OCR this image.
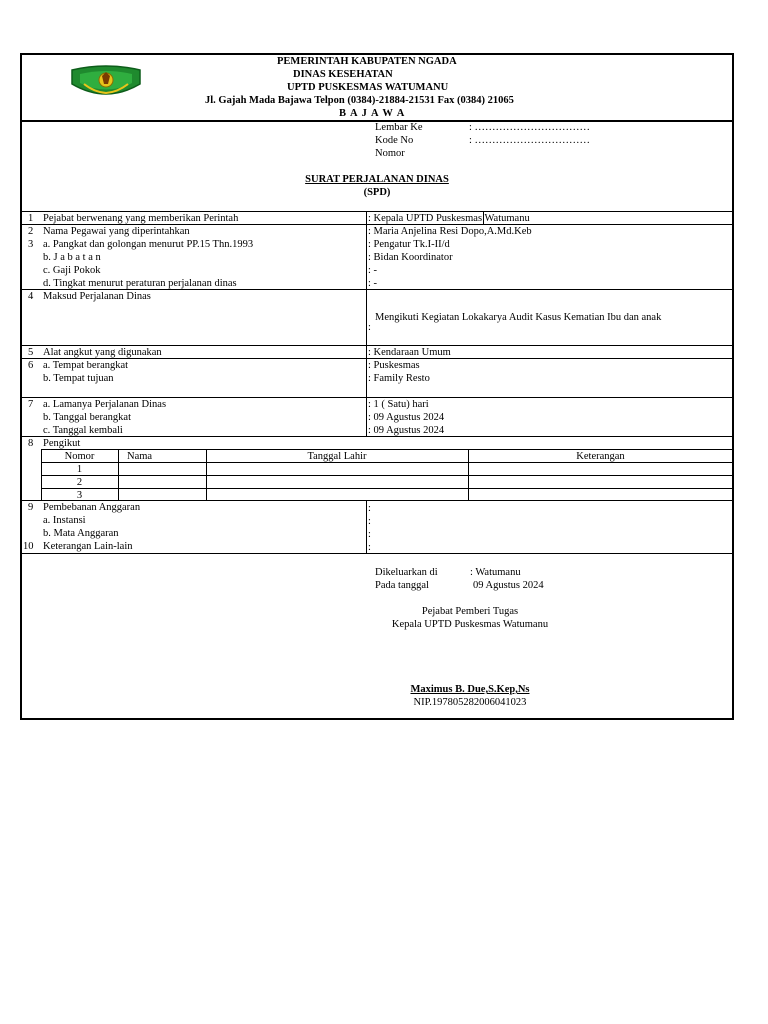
PEMERINTAH KABUPATEN NGADA
DINAS KESEHATAN
UPTD PUSKESMAS WATUMANU
Jl. Gajah Mada Bajawa Telpon (0384)-21884-21531 Fax (0384) 21065
B A J A W A
Lembar Ke	: ……………………………
Kode No	: ……………………………
Nomor
SURAT PERJALANAN DINAS
(SPD)
1 Pejabat berwenang yang memberikan Perintah	: Kepala UPTD Puskesmas Watumanu
2 Nama Pegawai yang diperintahkan	: Maria Anjelina Resi Dopo,A.Md.Keb
3 a. Pangkat dan golongan menurut PP.15 Thn.1993	: Pengatur Tk.I-II/d
b. J a b a t a n	: Bidan Koordinator
c. Gaji Pokok	: -
d. Tingkat menurut peraturan perjalanan dinas	: -
4 Maksud Perjalanan Dinas
Mengikuti Kegiatan Lokakarya Audit Kasus Kematian Ibu dan anak
:
5 Alat angkut yang digunakan	: Kendaraan Umum
6 a. Tempat berangkat	: Puskesmas
b. Tempat tujuan	: Family Resto
7 a. Lamanya Perjalanan Dinas	: 1 ( Satu) hari
b. Tanggal berangkat	: 09 Agustus 2024
c. Tanggal kembali	: 09 Agustus 2024
8 Pengikut
Nomor	Nama	Tanggal Lahir	Keterangan
1
2
3
9 Pembebanan Anggaran	:
a. Instansi	:
b. Mata Anggaran	:
10 Keterangan Lain-lain	:
Dikeluarkan di	: Watumanu
Pada tanggal	09 Agustus 2024
Pejabat Pemberi Tugas
Kepala UPTD Puskesmas Watumanu
Maximus B. Due,S.Kep,Ns
NIP.197805282006041023
